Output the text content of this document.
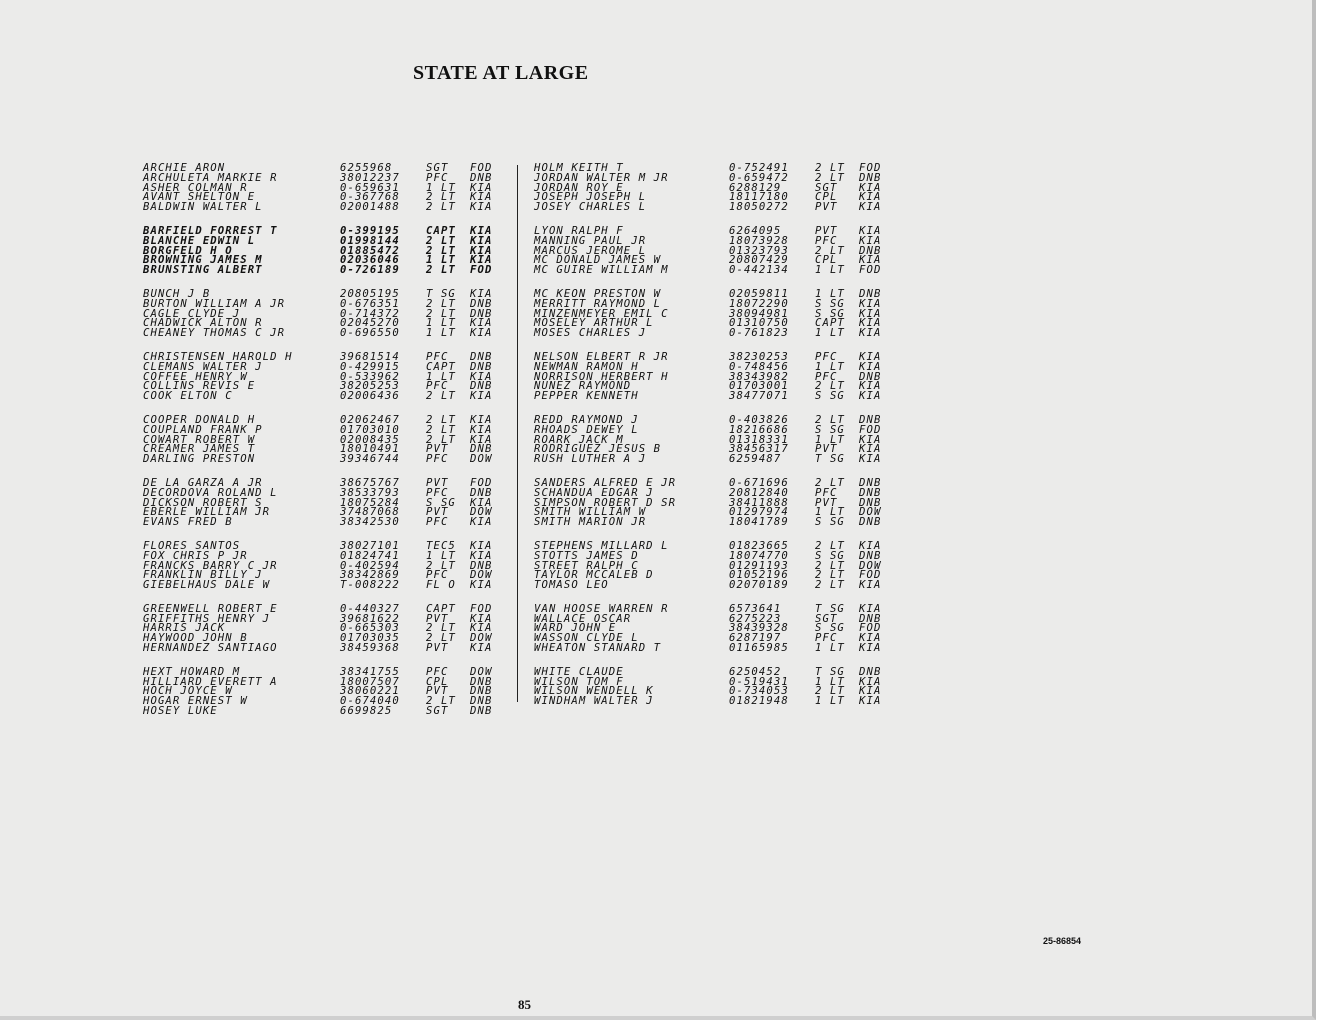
STATE AT LARGE
ARCHIE ARON	6255968	SGT FOD
ARCHULETA MARKIE R	38012237 PFC DNB
ASHER COLMAN R	0-659631 1 LT KIA
AVANT SHELTON E	0-367768 2 LT KIA
BALDWIN WALTER L	02001488 2 LT KIA
BARFIELD FORREST T	0-399195 CAPT KIA
BLANCHE EDWIN L	01998144 2 LT KIA
BORGFELD H O	01885472 2 LT KIA
BROWNING JAMES M	02036046 1 LT KIA
BRUNSTING ALBERT	0-726189 2 LT FOD
BUNCH J B	20805195 T SG KIA
BURTON WILLIAM A JR	0-676351 2 LT DNB
CAGLE CLYDE J	0-714372 2 LT DNB
CHADWICK ALTON R	02045270 1 LT KIA
CHEANEY THOMAS C JR	0-696550 1 LT KIA
CHRISTENSEN HAROLD H	39681514 PFC DNB
CLEMANS WALTER J	0-429915 CAPT DNB
COFFEE HENRY W	0-533962 1 LT KIA
COLLINS REVIS E	38205253 PFC DNB
COOK ELTON C	02006436 2 LT KIA
COOPER DONALD H	02062467 2 LT KIA
COUPLAND FRANK P	01703010 2 LT KIA
COWART ROBERT W	02008435 2 LT KIA
CREAMER JAMES T	18010491 PVT DNB
DARLING PRESTON	39346744 PFC DOW
DE LA GARZA A JR	38675767 PVT FOD
DECORDOVA ROLAND L	38533793 PFC DNB
DICKSON ROBERT S	18075284 S SG KIA
EBERLE WILLIAM JR	37487068 PVT DOW
EVANS FRED B	38342530 PFC KIA
FLORES SANTOS	38027101 TEC5 KIA
FOX CHRIS P JR	01824741 1 LT KIA
FRANCKS BARRY C JR	0-402594 2 LT DNB
FRANKLIN BILLY J	38342869 PFC DOW
GIEBELHAUS DALE W	T-008222 FL O KIA
GREENWELL ROBERT E	0-440327 CAPT FOD
GRIFFITHS HENRY J	39681622 PVT KIA
HARRIS JACK	0-665303 2 LT KIA
HAYWOOD JOHN B	01703035 2 LT DOW
HERNANDEZ SANTIAGO	38459368 PVT KIA
HEXT HOWARD M	38341755 PFC DOW
HILLIARD EVERETT A	18007507 CPL DNB
HOCH JOYCE W	38060221 PVT DNB
HOGAR ERNEST W	0-674040 2 LT DNB
HOSEY LUKE	6699825	SGT DNB
HOLM KEITH T	0-752491 2 LT FOD
JORDAN WALTER M JR	0-659472 2 LT DNB
JORDAN ROY E	6288129	SGT KIA
JOSEPH JOSEPH L	18117180 CPL KIA
JOSEY CHARLES L	18050272 PVT KIA
LYON RALPH F	6264095	PVT KIA
MANNING PAUL JR	18073928 PFC KIA
MARCUS JEROME L	01323793 2 LT DNB
MC DONALD JAMES W	20807429 CPL KIA
MC GUIRE WILLIAM M	0-442134 1 LT FOD
MC KEON PRESTON W	02059811 1 LT DNB
MERRITT RAYMOND L	18072290 S SG KIA
MINZENMEYER EMIL C	38094981 S SG KIA
MOSELEY ARTHUR L	01310750 CAPT KIA
MOSES CHARLES J	0-761823 1 LT KIA
NELSON ELBERT R JR	38230253 PFC KIA
NEWMAN RAMON H	0-748456 1 LT KIA
NORRISON HERBERT H	38343982 PFC DNB
NUNEZ RAYMOND	01703001 2 LT KIA
PEPPER KENNETH	38477071 S SG KIA
REDD RAYMOND J	0-403826 2 LT DNB
RHOADS DEWEY L	18216686 S SG FOD
ROARK JACK M	01318331 1 LT KIA
RODRIGUEZ JESUS B	38456317 PVT KIA
RUSH LUTHER A J	6259487	T SG KIA
SANDERS ALFRED E JR	0-671696 2 LT DNB
SCHANDUA EDGAR J	20812840 PFC DNB
SIMPSON ROBERT D SR	38411888 PVT DNB
SMITH WILLIAM W	01297974 1 LT DOW
SMITH MARION JR	18041789 S SG DNB
STEPHENS MILLARD L	01823665 2 LT KIA
STOTTS JAMES D	18074770 S SG DNB
STREET RALPH C	01291193 2 LT DOW
TAYLOR MCCALEB D	01052196 2 LT FOD
TOMASO LEO	02070189 2 LT KIA
VAN HOOSE WARREN R	6573641	T SG KIA
WALLACE OSCAR	6275223	SGT DNB
WARD JOHN E	38439328 S SG FOD
WASSON CLYDE L	6287197	PFC KIA
WHEATON STANARD T	01165985 1 LT KIA
WHITE CLAUDE	6250452	T SG DNB
WILSON TOM F	0-519431 1 LT KIA
WILSON WENDELL K	0-734053 2 LT KIA
WINDHAM WALTER J	01821948 1 LT KIA
25-86854
85
